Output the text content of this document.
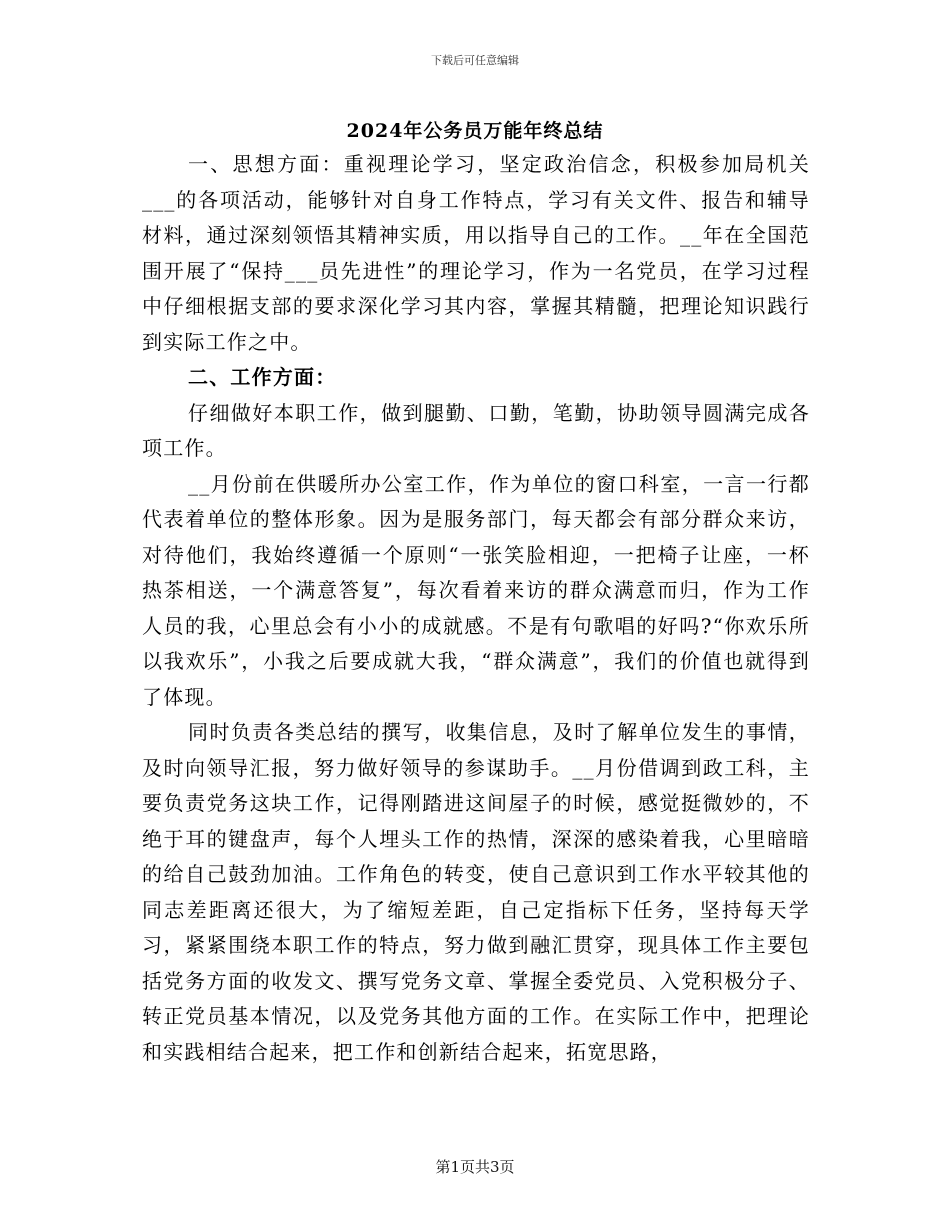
下载后可任意编辑
2024年公务员万能年终总结

一、思想方面：重视理论学习，坚定政治信念，积极参加局机关___的各项活动，能够针对自身工作特点，学习有关文件、报告和辅导材料，通过深刻领悟其精神实质，用以指导自己的工作。__年在全国范围开展了“保持___员先进性”的理论学习，作为一名党员，在学习过程中仔细根据支部的要求深化学习其内容，掌握其精髓，把理论知识践行到实际工作之中。

二、工作方面：

仔细做好本职工作，做到腿勤、口勤，笔勤，协助领导圆满完成各项工作。

__月份前在供暖所办公室工作，作为单位的窗口科室，一言一行都代表着单位的整体形象。因为是服务部门，每天都会有部分群众来访，对待他们，我始终遵循一个原则“一张笑脸相迎，一把椅子让座，一杯热茶相送，一个满意答复”，每次看着来访的群众满意而归，作为工作人员的我，心里总会有小小的成就感。不是有句歌唱的好吗?“你欢乐所以我欢乐”，小我之后要成就大我，“群众满意”，我们的价值也就得到了体现。

同时负责各类总结的撰写，收集信息，及时了解单位发生的事情，及时向领导汇报，努力做好领导的参谋助手。__月份借调到政工科，主要负责党务这块工作，记得刚踏进这间屋子的时候，感觉挺微妙的，不绝于耳的键盘声，每个人埋头工作的热情，深深的感染着我，心里暗暗的给自己鼓劲加油。工作角色的转变，使自己意识到工作水平较其他的同志差距离还很大，为了缩短差距，自己定指标下任务，坚持每天学习，紧紧围绕本职工作的特点，努力做到融汇贯穿，现具体工作主要包括党务方面的收发文、撰写党务文章、掌握全委党员、入党积极分子、转正党员基本情况，以及党务其他方面的工作。在实际工作中，把理论和实践相结合起来，把工作和创新结合起来，拓宽思路，

第1页共3页
